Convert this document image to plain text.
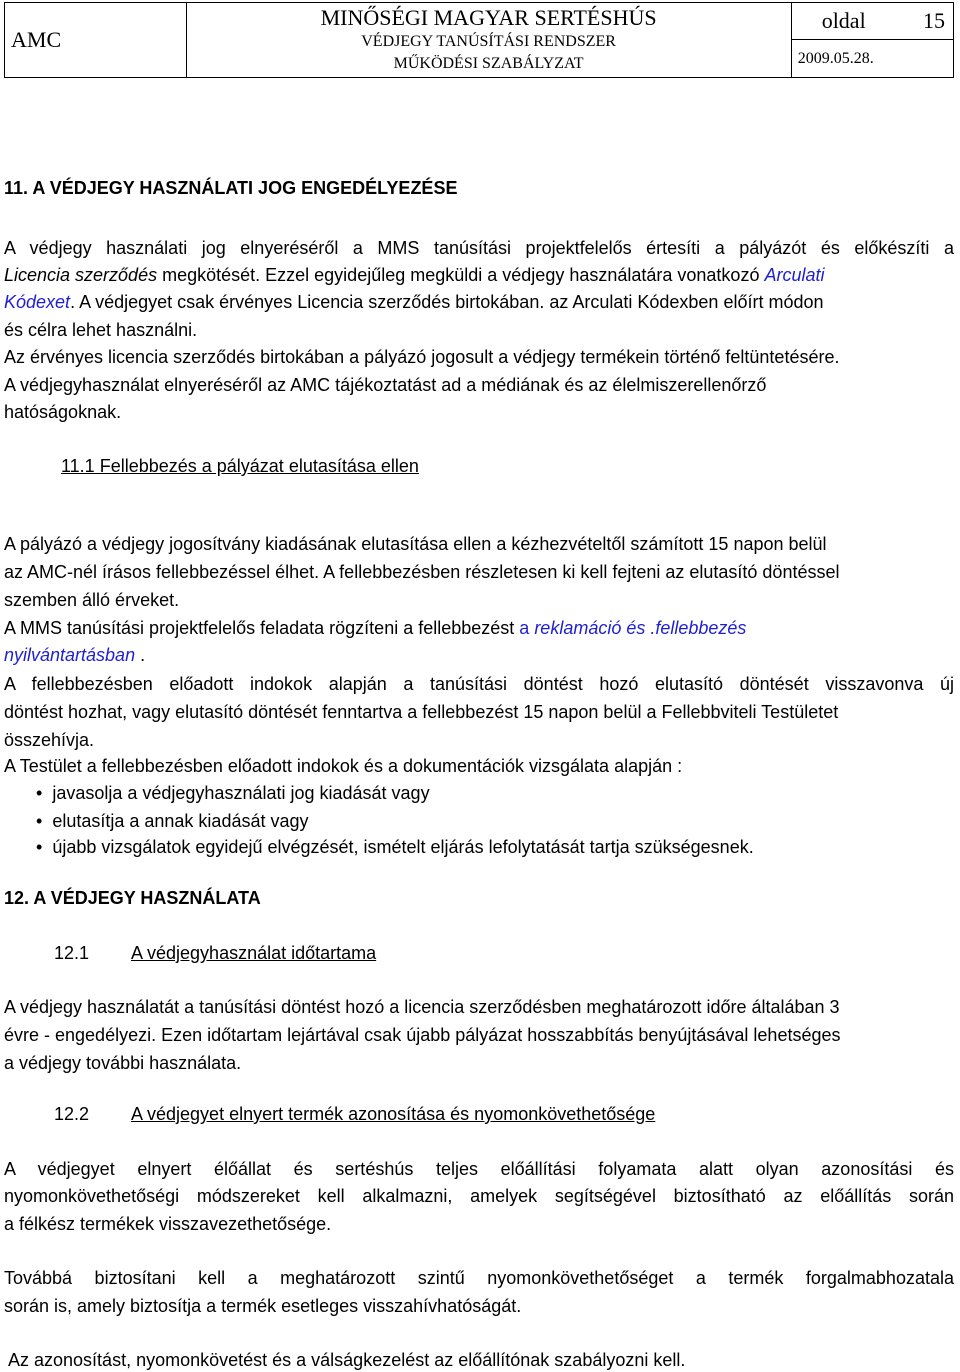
AMC	
MINŐSÉGI MAGYAR SERTÉSHÚS
VÉDJEGY TANÚSÍTÁSI RENDSZER
MŰKÖDÉSI SZABÁLYZAT

oldal	15

2009.05.28.
11. A VÉDJEGY HASZNÁLATI JOG ENGEDÉLYEZÉSE
A védjegy használati jog elnyeréséről a MMS tanúsítási projektfelelős értesíti a pályázót és előkészíti a
Licencia szerződés megkötését. Ezzel egyidejűleg megküldi a védjegy használatára vonatkozó Arculati
Kódexet. A védjegyet csak érvényes Licencia szerződés birtokában. az Arculati Kódexben előírt módon
és célra lehet használni.
Az érvényes licencia szerződés birtokában a pályázó jogosult a védjegy termékein történő feltüntetésére.
A védjegyhasználat elnyeréséről az AMC tájékoztatást ad a médiának és az élelmiszerellenőrző
hatóságoknak.
11.1 Fellebbezés a pályázat elutasítása ellen
A pályázó a védjegy jogosítvány kiadásának elutasítása ellen a kézhezvételtől számított 15 napon belül
az AMC-nél írásos fellebbezéssel élhet. A fellebbezésben részletesen ki kell fejteni az elutasító döntéssel
szemben álló érveket.
A MMS tanúsítási projektfelelős feladata rögzíteni a fellebbezést a reklamáció és .fellebbezés
nyilvántartásban .
A fellebbezésben előadott indokok alapján a tanúsítási döntést hozó elutasító döntését visszavonva új
döntést hozhat, vagy elutasító döntését fenntartva a fellebbezést 15 napon belül a Fellebbviteli Testületet
összehívja.
A Testület a fellebbezésben előadott indokok és a dokumentációk vizsgálata alapján :
• javasolja a védjegyhasználati jog kiadását vagy
• elutasítja a annak kiadását vagy
• újabb vizsgálatok egyidejű elvégzését, ismételt eljárás lefolytatását tartja szükségesnek.
12. A VÉDJEGY HASZNÁLATA
12.1 A védjegyhasználat időtartama
A védjegy használatát a tanúsítási döntést hozó a licencia szerződésben meghatározott időre általában 3
évre - engedélyezi. Ezen időtartam lejártával csak újabb pályázat hosszabbítás benyújtásával lehetséges
a védjegy további használata.
12.2 A védjegyet elnyert termék azonosítása és nyomonkövethetősége
A védjegyet elnyert élőállat és sertéshús teljes előállítási folyamata alatt olyan azonosítási és
nyomonkövethetőségi módszereket kell alkalmazni, amelyek segítségével biztosítható az előállítás során
a félkész termékek visszavezethetősége.
Továbbá biztosítani kell a meghatározott szintű nyomonkövethetőséget a termék forgalmabhozatala
során is, amely biztosítja a termék esetleges visszahívhatóságát.
Az azonosítást, nyomonkövetést és a válságkezelést az előállítónak szabályozni kell.
